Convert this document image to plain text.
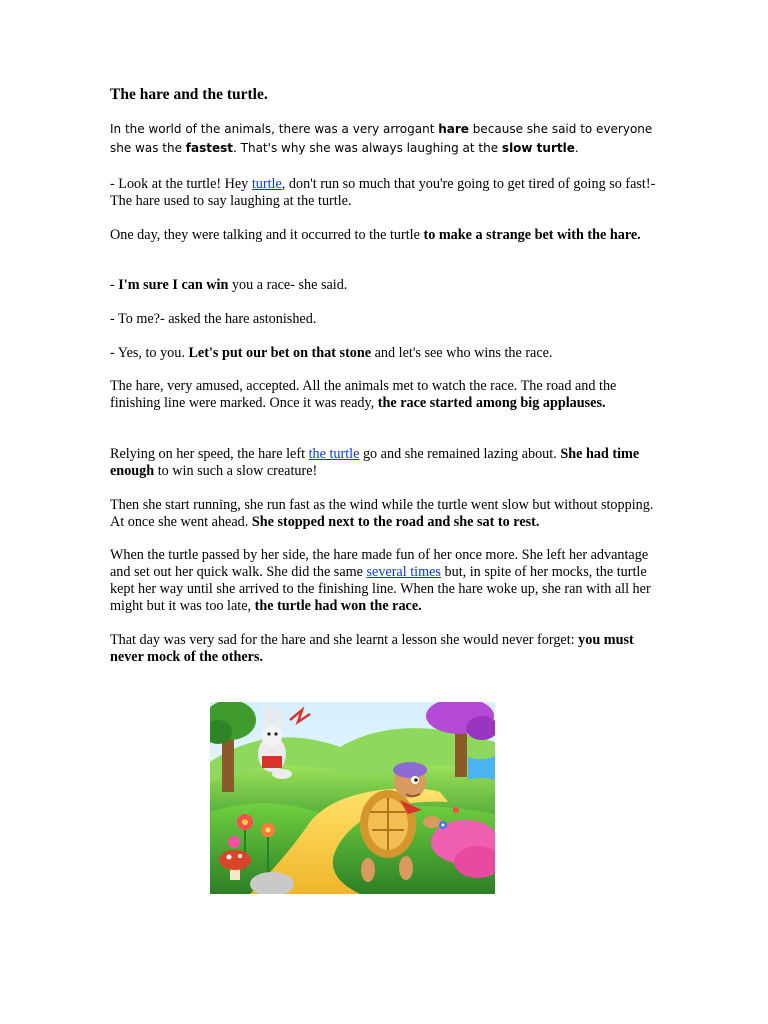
The hare and the turtle.

In the world of the animals, there was a very arrogant hare because she said to everyone she was the fastest. That's why she was always laughing at the slow turtle.

- Look at the turtle! Hey turtle, don't run so much that you're going to get tired of going so fast!- The hare used to say laughing at the turtle.

One day, they were talking and it occurred to the turtle to make a strange bet with the hare.

- I'm sure I can win you a race- she said.

- To me?- asked the hare astonished.

- Yes, to you. Let's put our bet on that stone and let's see who wins the race.

The hare, very amused, accepted. All the animals met to watch the race. The road and the finishing line were marked. Once it was ready, the race started among big applauses.

Relying on her speed, the hare left the turtle go and she remained lazing about. She had time enough to win such a slow creature!

Then she start running, she run fast as the wind while the turtle went slow but without stopping. At once she went ahead. She stopped next to the road and she sat to rest.

When the turtle passed by her side, the hare made fun of her once more. She left her advantage and set out her quick walk. She did the same several times but, in spite of her mocks, the turtle kept her way until she arrived to the finishing line. When the hare woke up, she ran with all her might but it was too late, the turtle had won the race.

That day was very sad for the hare and she learnt a lesson she would never forget: you must never mock of the others.
